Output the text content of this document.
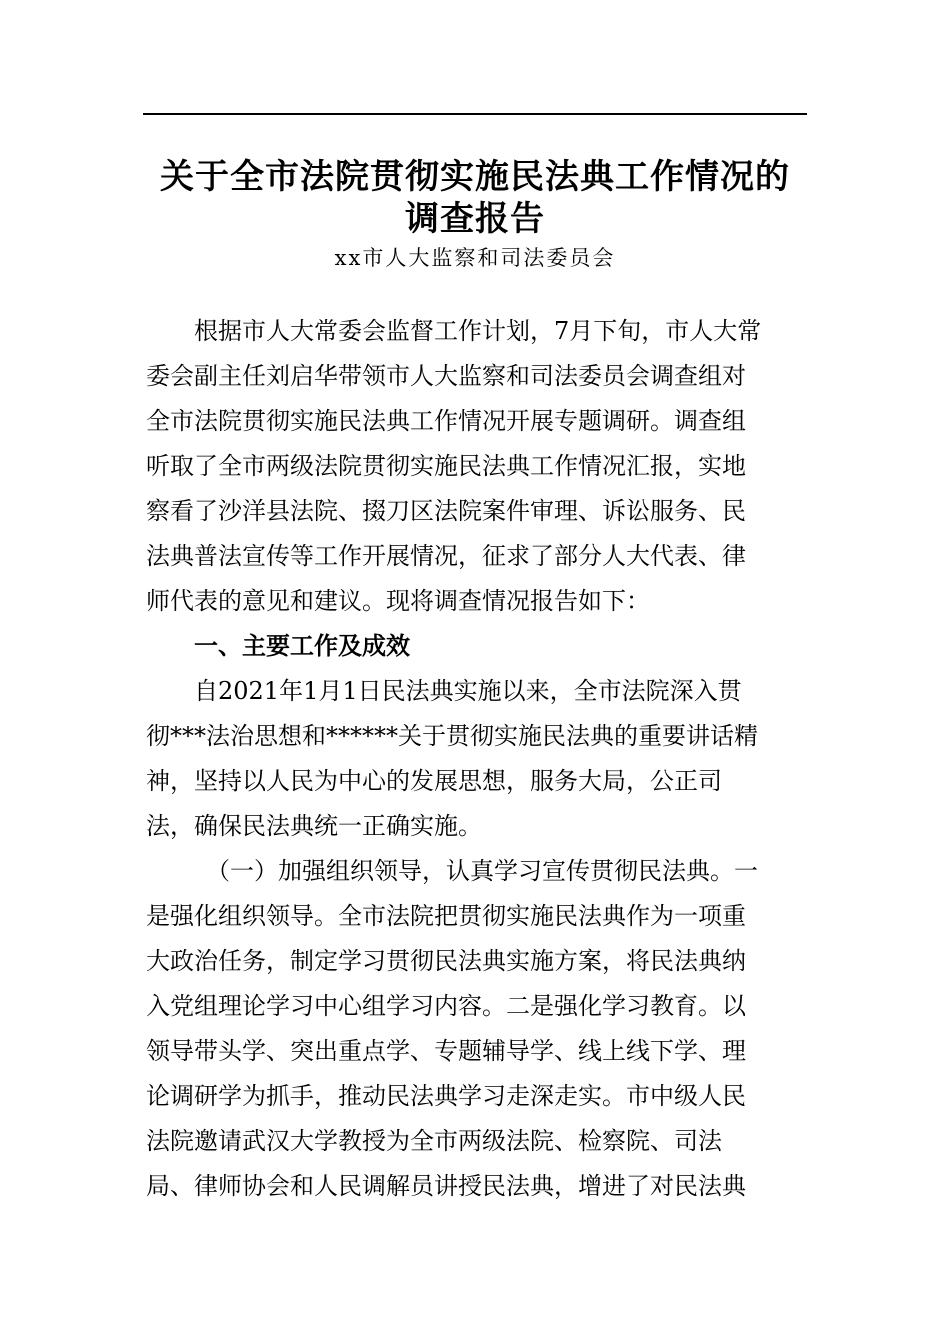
关于全市法院贯彻实施民法典工作情况的
调查报告
xx市人大监察和司法委员会
根据市人大常委会监督工作计划，7月下旬，市人大常
委会副主任刘启华带领市人大监察和司法委员会调查组对
全市法院贯彻实施民法典工作情况开展专题调研。调查组
听取了全市两级法院贯彻实施民法典工作情况汇报，实地
察看了沙洋县法院、掇刀区法院案件审理、诉讼服务、民
法典普法宣传等工作开展情况，征求了部分人大代表、律
师代表的意见和建议。现将调查情况报告如下：
一、主要工作及成效
自2021年1月1日民法典实施以来，全市法院深入贯
彻***法治思想和******关于贯彻实施民法典的重要讲话精
神，坚持以人民为中心的发展思想，服务大局，公正司
法，确保民法典统一正确实施。
（一）加强组织领导，认真学习宣传贯彻民法典。一
是强化组织领导。全市法院把贯彻实施民法典作为一项重
大政治任务，制定学习贯彻民法典实施方案，将民法典纳
入党组理论学习中心组学习内容。二是强化学习教育。以
领导带头学、突出重点学、专题辅导学、线上线下学、理
论调研学为抓手，推动民法典学习走深走实。市中级人民
法院邀请武汉大学教授为全市两级法院、检察院、司法
局、律师协会和人民调解员讲授民法典，增进了对民法典
